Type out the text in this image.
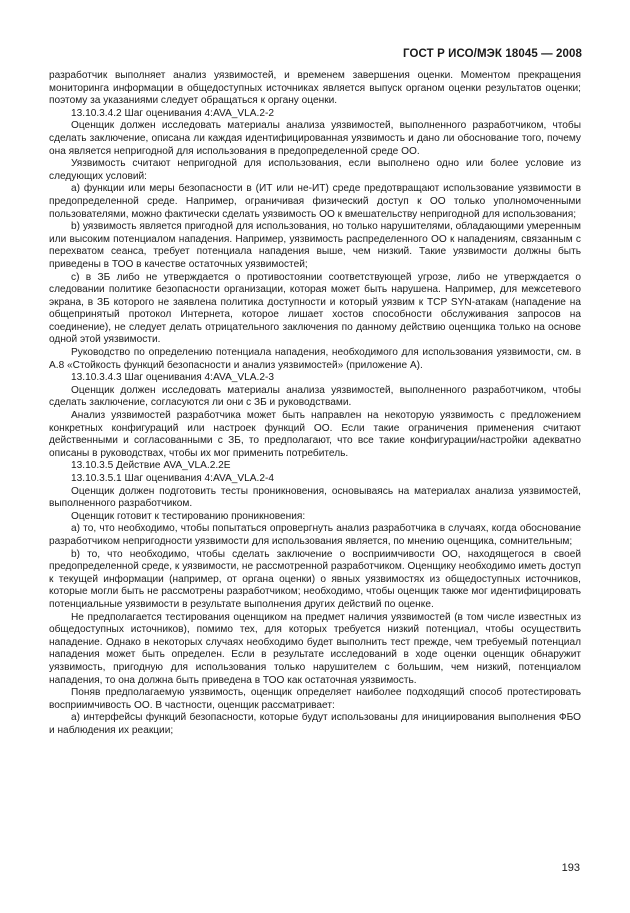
ГОСТ Р ИСО/МЭК 18045 — 2008

разработчик выполняет анализ уязвимостей, и временем завершения оценки. Моментом прекращения мониторинга информации в общедоступных источниках является выпуск органом оценки результатов оценки; поэтому за указаниями следует обращаться к органу оценки.

13.10.3.4.2 Шаг оценивания 4:AVA_VLA.2-2

Оценщик должен исследовать материалы анализа уязвимостей, выполненного разработчиком, чтобы сделать заключение, описана ли каждая идентифицированная уязвимость и дано ли обоснование того, почему она является непригодной для использования в предопределенной среде ОО.

Уязвимость считают непригодной для использования, если выполнено одно или более условие из следующих условий:

а) функции или меры безопасности в (ИТ или не-ИТ) среде предотвращают использование уязвимости в предопределенной среде. Например, ограничивая физический доступ к ОО только уполномоченными пользователями, можно фактически сделать уязвимость ОО к вмешательству непригодной для использования;

b) уязвимость является пригодной для использования, но только нарушителями, обладающими умеренным или высоким потенциалом нападения. Например, уязвимость распределенного ОО к нападениям, связанным с перехватом сеанса, требует потенциала нападения выше, чем низкий. Такие уязвимости должны быть приведены в ТОО в качестве остаточных уязвимостей;

с) в ЗБ либо не утверждается о противостоянии соответствующей угрозе, либо не утверждается о следовании политике безопасности организации, которая может быть нарушена. Например, для межсетевого экрана, в ЗБ которого не заявлена политика доступности и который уязвим к TCP SYN-атакам (нападение на общепринятый протокол Интернета, которое лишает хостов способности обслуживания запросов на соединение), не следует делать отрицательного заключения по данному действию оценщика только на основе одной этой уязвимости.

Руководство по определению потенциала нападения, необходимого для использования уязвимости, см. в А.8 «Стойкость функций безопасности и анализ уязвимостей» (приложение А).

13.10.3.4.3 Шаг оценивания 4:AVA_VLA.2-3

Оценщик должен исследовать материалы анализа уязвимостей, выполненного разработчиком, чтобы сделать заключение, согласуются ли они с ЗБ и руководствами.

Анализ уязвимостей разработчика может быть направлен на некоторую уязвимость с предложением конкретных конфигураций или настроек функций ОО. Если такие ограничения применения считают действенными и согласованными с ЗБ, то предполагают, что все такие конфигурации/настройки адекватно описаны в руководствах, чтобы их мог применить потребитель.

13.10.3.5 Действие AVA_VLA.2.2E

13.10.3.5.1 Шаг оценивания 4:AVA_VLA.2-4

Оценщик должен подготовить тесты проникновения, основываясь на материалах анализа уязвимостей, выполненного разработчиком.

Оценщик готовит к тестированию проникновения:

а) то, что необходимо, чтобы попытаться опровергнуть анализ разработчика в случаях, когда обоснование разработчиком непригодности уязвимости для использования является, по мнению оценщика, сомнительным;

b) то, что необходимо, чтобы сделать заключение о восприимчивости ОО, находящегося в своей предопределенной среде, к уязвимости, не рассмотренной разработчиком. Оценщику необходимо иметь доступ к текущей информации (например, от органа оценки) о явных уязвимостях из общедоступных источников, которые могли быть не рассмотрены разработчиком; необходимо, чтобы оценщик также мог идентифицировать потенциальные уязвимости в результате выполнения других действий по оценке.

Не предполагается тестирования оценщиком на предмет наличия уязвимостей (в том числе известных из общедоступных источников), помимо тех, для которых требуется низкий потенциал, чтобы осуществить нападение. Однако в некоторых случаях необходимо будет выполнить тест прежде, чем требуемый потенциал нападения может быть определен. Если в результате исследований в ходе оценки оценщик обнаружит уязвимость, пригодную для использования только нарушителем с большим, чем низкий, потенциалом нападения, то она должна быть приведена в ТОО как остаточная уязвимость.

Поняв предполагаемую уязвимость, оценщик определяет наиболее подходящий способ протестировать восприимчивость ОО. В частности, оценщик рассматривает:

а) интерфейсы функций безопасности, которые будут использованы для инициирования выполнения ФБО и наблюдения их реакции;

193
